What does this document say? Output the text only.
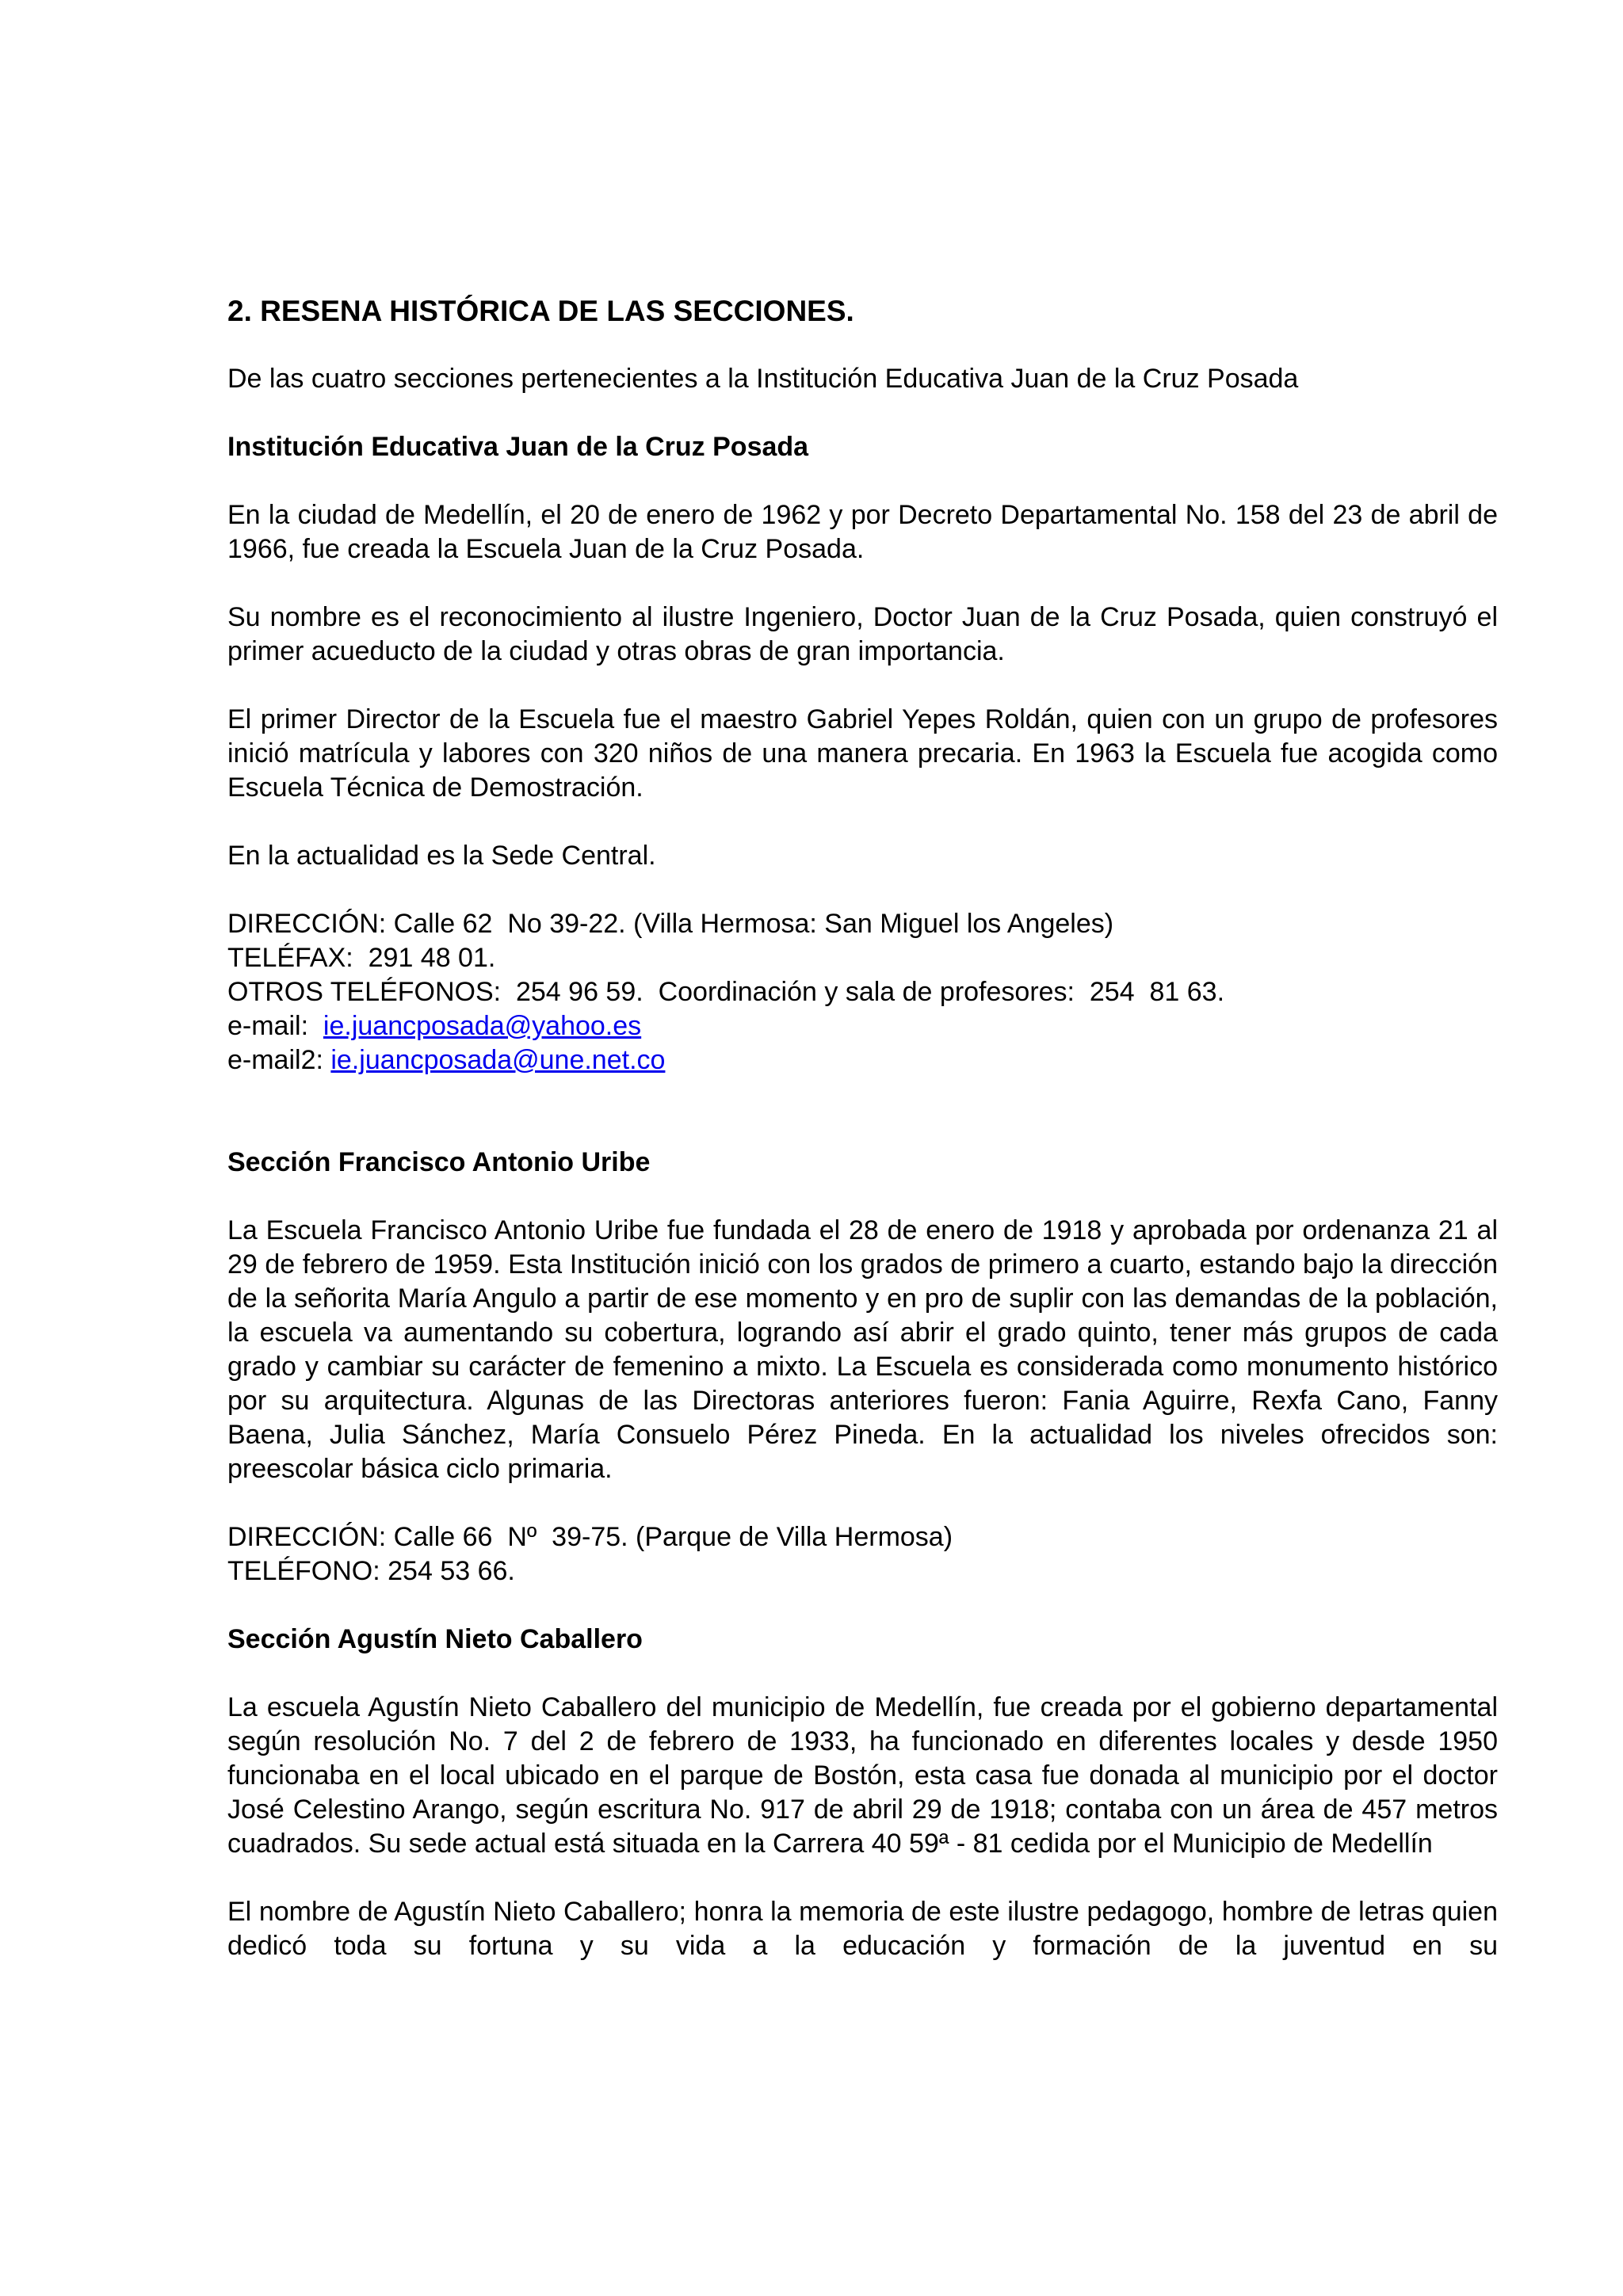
2. RESENA HISTÓRICA DE LAS SECCIONES.

De las cuatro secciones pertenecientes a la Institución Educativa Juan de la Cruz Posada

Institución Educativa Juan de la Cruz Posada

En la ciudad de Medellín, el 20 de enero de 1962 y por Decreto Departamental No. 158 del 23 de abril de 1966, fue creada la Escuela Juan de la Cruz Posada.

Su nombre es el reconocimiento al ilustre Ingeniero, Doctor Juan de la Cruz Posada, quien construyó el primer acueducto de la ciudad y otras obras de gran importancia.

El primer Director de la Escuela fue el maestro Gabriel Yepes Roldán, quien con un grupo de profesores inició matrícula y labores con 320 niños de una manera precaria. En 1963 la Escuela fue acogida como Escuela Técnica de Demostración.

En la actualidad es la Sede Central.

DIRECCIÓN: Calle 62  No 39-22. (Villa Hermosa: San Miguel los Angeles)
TELÉFAX:  291 48 01.
OTROS TELÉFONOS:  254 96 59.  Coordinación y sala de profesores:  254  81 63.
e-mail:  ie.juancposada@yahoo.es
e-mail2: ie.juancposada@une.net.co

Sección Francisco Antonio Uribe

La Escuela Francisco Antonio Uribe fue fundada el 28 de enero de 1918 y aprobada por ordenanza 21 al 29 de febrero de 1959. Esta Institución inició con los grados de primero a cuarto, estando bajo la dirección de la señorita María Angulo a partir de ese momento y en pro de suplir con las demandas de la población, la escuela va aumentando su cobertura, logrando así abrir el grado quinto, tener más grupos de cada grado y cambiar su carácter de femenino a mixto. La Escuela es considerada como monumento histórico por su arquitectura. Algunas de las Directoras anteriores fueron: Fania Aguirre, Rexfa Cano, Fanny Baena, Julia Sánchez, María Consuelo Pérez Pineda. En la actualidad los niveles ofrecidos son: preescolar básica ciclo primaria.

DIRECCIÓN: Calle 66  Nº  39-75. (Parque de Villa Hermosa)
TELÉFONO: 254 53 66.

Sección Agustín Nieto Caballero

La escuela Agustín Nieto Caballero del municipio de Medellín, fue creada por el gobierno departamental según resolución No. 7 del 2 de febrero de 1933, ha funcionado en diferentes locales y desde 1950 funcionaba en el local ubicado en el parque de Bostón, esta casa fue donada al municipio por el doctor José Celestino Arango, según escritura No. 917 de abril 29 de 1918; contaba con un área de 457 metros cuadrados. Su sede actual está situada en la Carrera 40 59ª - 81 cedida por el Municipio de Medellín

El nombre de Agustín Nieto Caballero; honra la memoria de este ilustre pedagogo, hombre de letras quien dedicó toda su fortuna y su vida a la educación y formación de la juventud en su
